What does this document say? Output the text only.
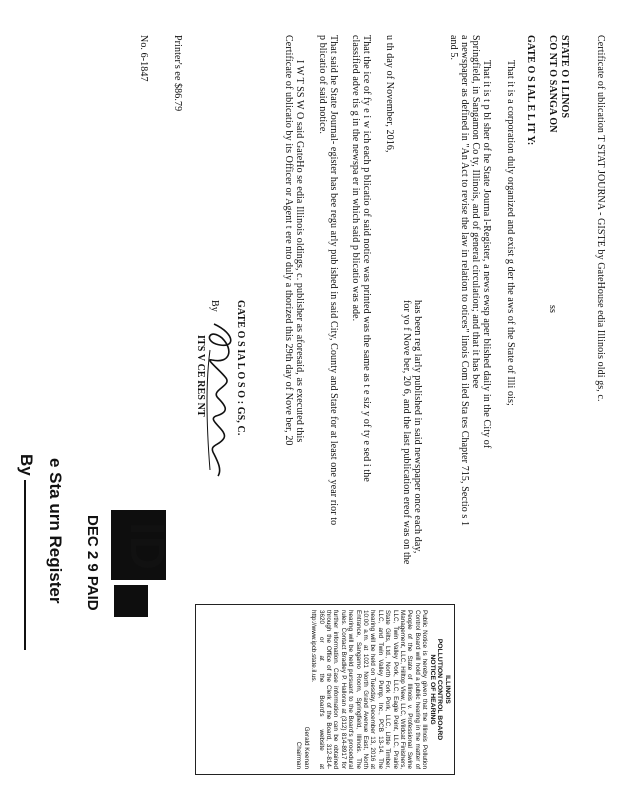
Certificate of ublication T STAT JOURNA - GISTE by GateHouse edia Illinois oldi gs, c.
STATE O I LINOS
CO NT O SANGA ON
ss
GATE O S IAL E L IT Y:
That it is a corporation duly organized and exist g der the aws of the State of Illi ois;
That it is t p bl sher of he State Journa l-Register, a news ewsp aper blished daily in the City of
Springfield, in Sangamon Co ty, Illinois, and of general circulation; and that it has bee
a newspaper as defined in "An Act to revise the law in relation to otices" linois Com iled Sta tes Chapter 715, Sectio s 1
and 5.
has been reg larly published in said newspaper once each day,
for yo f Nove ber, 20 6, and the last publication ereof was on the
u th day of November, 2016,
That the ice of fy e i w ich each p blicatio of said notice was printed was the same as t e siz y of ty e sed i the
classified adve tis g in the newspa er in which said p blicatio was ade.
That said he State Journal- egister has bee regu arly pub ished in said City, County and State for at least one year rior to
p blicatio of said notice.
I W T SS W O said GateHo se edia Illinois oldings, c. publisher as aforesaid, as executed this
Certificate of ublicatio by its Officer or Agent t ere nto duly a thorized this 29th day of Nove ber, 20
GATE O S IA L O S O : GS, C.
By
ITS V CE RES NT
Printer's ee $86.79
No. 6-1847
DEC 2 9 PAID ID
e Sta urn Register
By
ILLINOIS
POLLUTION CONTROL BOARD
NOTICE OF HEARING
Public Notice is hereby given that the Illinois Pollution Control Board will hold a public hearing in the matter of People of the State of Illinois v. Professional Swine Management, LLC, Hilltop View, LLC, Wildcat Finishers, LLC, Twin Valley Pork, LLC, Eagle Point, LLC, Prairie State Gilts, Ltd., North Fork Pork, LLC, Little Timber, LLC, and Twin Valley Pump, Inc., PCB 13-14. The hearing will be held on Tuesday, December 13, 2016 at 10:00 a.m. at 1021 North Grand Avenue East, North Entrance, Sangamo Room, Springfield, Illinois. The hearing will be held pursuant to the Board's procedural rules. Contact Bradley P. Halloran at (312) 814-8917 for further information. Case information can be obtained through the Office of the Clerk of the Board, 312-814-3620 or at the Board's website at http://www.ipcb.state.il.us.
Gerald Keenan
Chairman
